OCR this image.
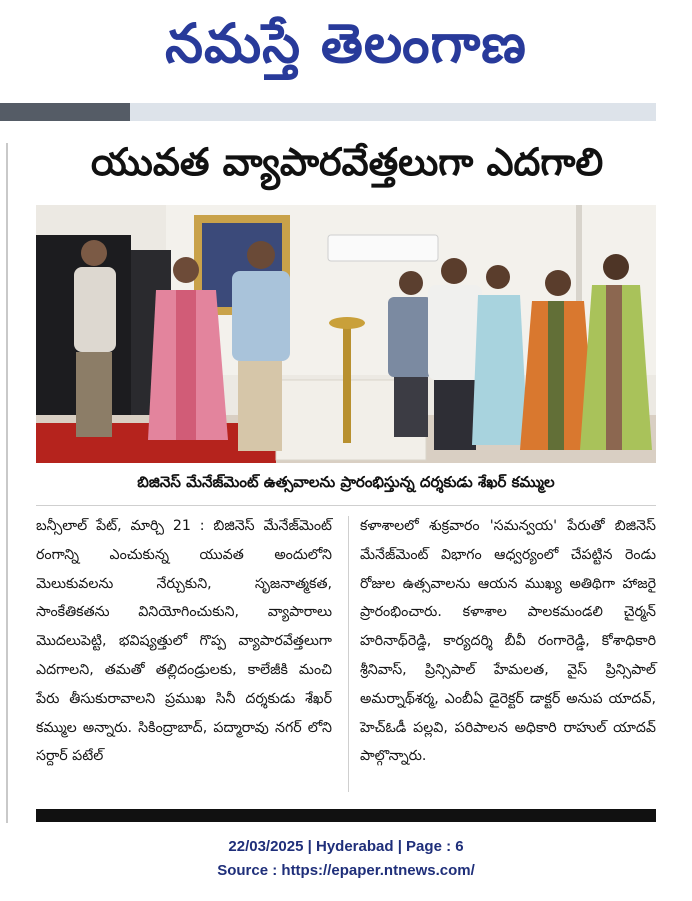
నమస్తే తెలంగాణ
యువత వ్యాపారవేత్తలుగా ఎదగాలి
బిజినెస్ మేనేజ్‌మెంట్ ఉత్సవాలను ప్రారంభిస్తున్న దర్శకుడు శేఖర్ కమ్ముల

బన్సీలాల్ పేట్, మార్చి 21 : బిజినెస్ మేనేజ్‌మెంట్ రంగాన్ని ఎంచుకున్న యువత అందులోని మెలుకువలను నేర్చుకుని, సృజనాత్మకత, సాంకేతికతను వినియోగించుకుని, వ్యాపారాలు మొదలుపెట్టి, భవిష్యత్తులో గొప్ప వ్యాపారవేత్తలుగా ఎదగాలని, తమతో తల్లిదండ్రులకు, కాలేజీకి మంచి పేరు తీసుకురావాలని ప్రముఖ సినీ దర్శకుడు శేఖర్ కమ్ముల అన్నారు. సికింద్రాబాద్, పద్మారావు నగర్ లోని సర్దార్ పటేల్

కళాశాలలో శుక్రవారం 'సమన్వయ' పేరుతో బిజినెస్ మేనేజ్‌మెంట్ విభాగం ఆధ్వర్యంలో చేపట్టిన రెండు రోజుల ఉత్సవాలను ఆయన ముఖ్య అతిథిగా హాజరై ప్రారంభించారు. కళాశాల పాలకమండలి చైర్మన్ హరినాథ్‌రెడ్డి, కార్యదర్శి బీవీ రంగారెడ్డి, కోశాధికారి శ్రీనివాస్, ప్రిన్సిపాల్ హేమలత, వైస్ ప్రిన్సిపాల్ అమర్నాథ్‌శర్మ, ఎంబీఏ డైరెక్టర్ డాక్టర్ అనుప యాదవ్, హెచ్‌ఓడీ పల్లవి, పరిపాలన అధికారి రాహుల్ యాదవ్ పాల్గొన్నారు.

22/03/2025 | Hyderabad | Page : 6
Source : https://epaper.ntnews.com/
